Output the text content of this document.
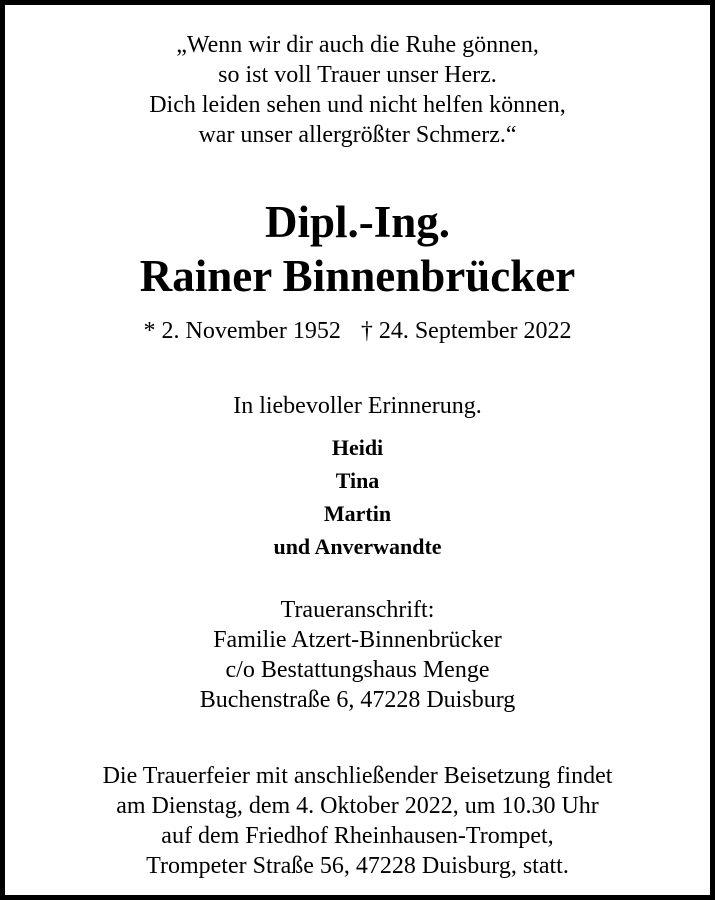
„Wenn wir dir auch die Ruhe gönnen,
so ist voll Trauer unser Herz.
Dich leiden sehen und nicht helfen können,
war unser allergrößter Schmerz.“
Dipl.-Ing.
Rainer Binnenbrücker
* 2. November 1952 † 24. September 2022
In liebevoller Erinnerung.
Heidi
Tina
Martin
und Anverwandte
Traueranschrift:
Familie Atzert-Binnenbrücker
c/o Bestattungshaus Menge
Buchenstraße 6, 47228 Duisburg
Die Trauerfeier mit anschließender Beisetzung findet
am Dienstag, dem 4. Oktober 2022, um 10.30 Uhr
auf dem Friedhof Rheinhausen-Trompet,
Trompeter Straße 56, 47228 Duisburg, statt.
